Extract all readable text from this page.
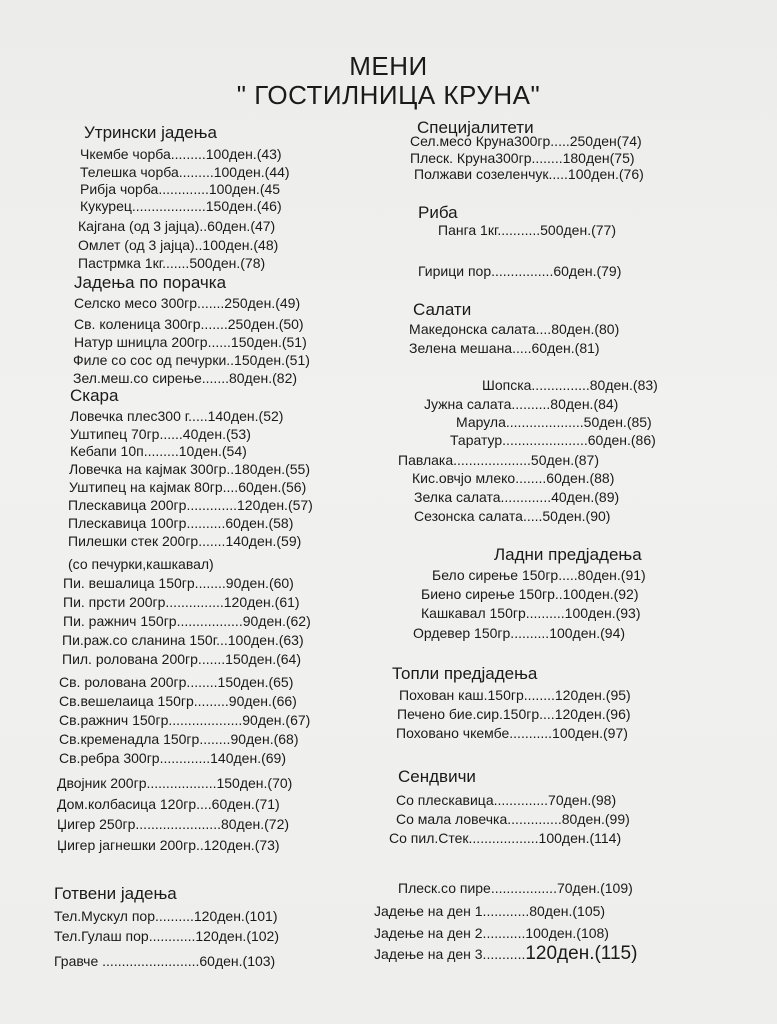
МЕНИ
" ГОСТИЛНИЦА КРУНА"
Утрински јадењa
Чкембе чорба.........100ден.(43)
Телешка чорба.........100ден.(44)
Рибја чорба.............100ден.(45
Кукурец...................150ден.(46)
Кајгана (од 3 јајца)..60ден.(47)
Омлет (од 3 јајца)..100ден.(48)
Пастрмка 1кг.......500ден.(78)
Јадења по порачка
Селско месо 300гр.......250ден.(49)
Св. коленица 300гр.......250ден.(50)
Натур шницла 200гр......150ден.(51)
Филе со сос од печурки..150ден.(51)
Зел.меш.со сирење.......80ден.(82)
Скара
Ловечка плес300 г.....140ден.(52)
Уштипец 70гр......40ден.(53)
Кебапи 10п.........10ден.(54)
Ловечка на кајмак 300гр..180ден.(55)
Уштипец на кајмак 80гр....60ден.(56)
Плескавица 200гр.............120ден.(57)
Плескавица 100гр..........60ден.(58)
Пилешки стек 200гр.......140ден.(59)
(со печурки,кашкавал)
Пи. вешалица 150гр........90ден.(60)
Пи. прсти 200гр...............120ден.(61)
Пи. ражнич 150гр.................90ден.(62)
Пи.раж.со сланина 150г...100ден.(63)
Пил. ролована 200гр.......150ден.(64)
Св. ролована 200гр........150ден.(65)
Св.вешелаица 150гр.........90ден.(66)
Св.ражнич 150гр...................90ден.(67)
Св.кременадла 150гр........90ден.(68)
Св.ребра 300гр.............140ден.(69)
Двојник 200гр..................150ден.(70)
Дом.колбасица 120гр....60ден.(71)
Џигер 250гр......................80ден.(72)
Џигер јагнешки 200гр..120ден.(73)
Готвени јадењa
Тел.Мускул пор..........120ден.(101)
Тел.Гулаш пор............120ден.(102)
Гравче .........................60ден.(103)
Специјалитети
Сел.месо Круна300гр.....250ден(74)
Плеск. Круна300гр........180ден(75)
Полжави созеленчук.....100ден.(76)
Риба
Панга 1кг...........500ден.(77)
Гирици пор................60ден.(79)
Салати
Македонска салата....80ден.(80)
Зелена мешана.....60ден.(81)
Шопска...............80ден.(83)
Јужна салата..........80ден.(84)
Марула....................50ден.(85)
Таратур......................60ден.(86)
Павлака....................50ден.(87)
Кис.овчјо млеко........60ден.(88)
Зелка салата.............40ден.(89)
Сезонска салата.....50ден.(90)
Ладни предјадења
Бело сирење 150гр.....80ден.(91)
Биено сирење 150гр..100ден.(92)
Кашкавал 150гр..........100ден.(93)
Ордевер 150гр..........100ден.(94)
Топли предјадења
Поховaн каш.150гр........120ден.(95)
Печено бие.сир.150гр....120ден.(96)
Поховано чкембе...........100ден.(97)
Сендвичи
Со плескавица..............70ден.(98)
Со мала ловечка..............80ден.(99)
Со пил.Стек..................100ден.(114)
Плеск.со пире.................70ден.(109)
Јадење на ден 1............80ден.(105)
Јадење на ден 2...........100ден.(108)
Јадење на ден 3...........120ден.(115)
